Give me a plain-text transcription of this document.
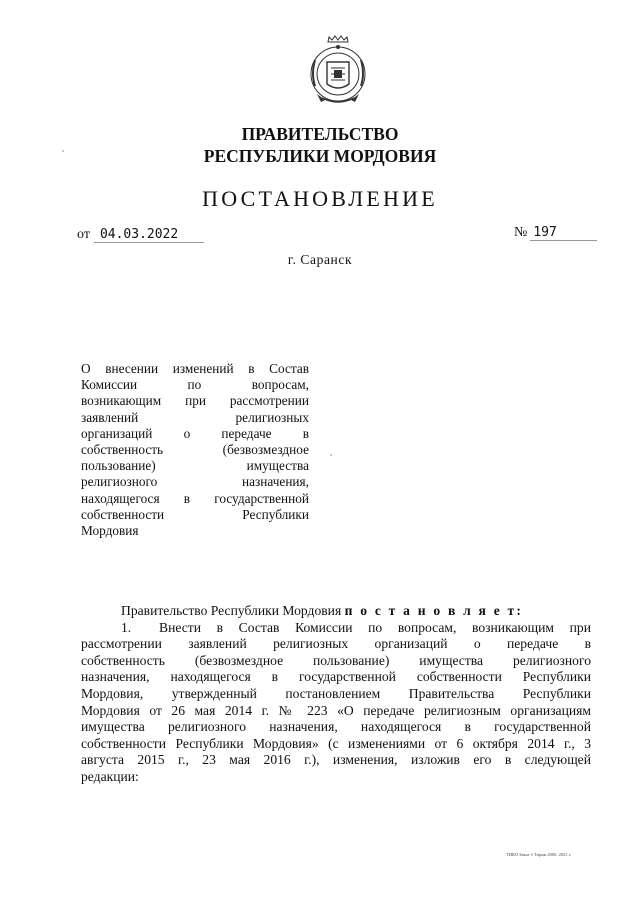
ПРАВИТЕЛЬСТВО
РЕСПУБЛИКИ МОРДОВИЯ
ПОСТАНОВЛЕНИЕ
от 04.03.2022	№ 197
г. Саранск
О внесении изменений в Состав
Комиссии по вопросам,
возникающим при рассмотрении
заявлений религиозных
организаций о передаче в
собственность (безвозмездное
пользование) имущества
религиозного назначения,
находящегося в государственной
собственности Республики
Мордовия
Правительство Республики Мордовия п о с т а н о в л я е т:
1. Внести в Состав Комиссии по вопросам, возникающим при
рассмотрении заявлений религиозных организаций о передаче в
собственность (безвозмездное пользование) имущества религиозного
назначения, находящегося в государственной собственности Республики
Мордовия, утвержденный постановлением Правительства Республики
Мордовия от 26 мая 2014 г. № 223 «О передаче религиозным организациям
имущества религиозного назначения, находящегося в государственной
собственности Республики Мордовия» (с изменениями от 6 октября 2014 г., 3
августа 2015 г., 23 мая 2016 г.), изменения, изложив его в следующей
редакции:
ТИКО Заказ 3 Тираж 2000. 2021 г.
